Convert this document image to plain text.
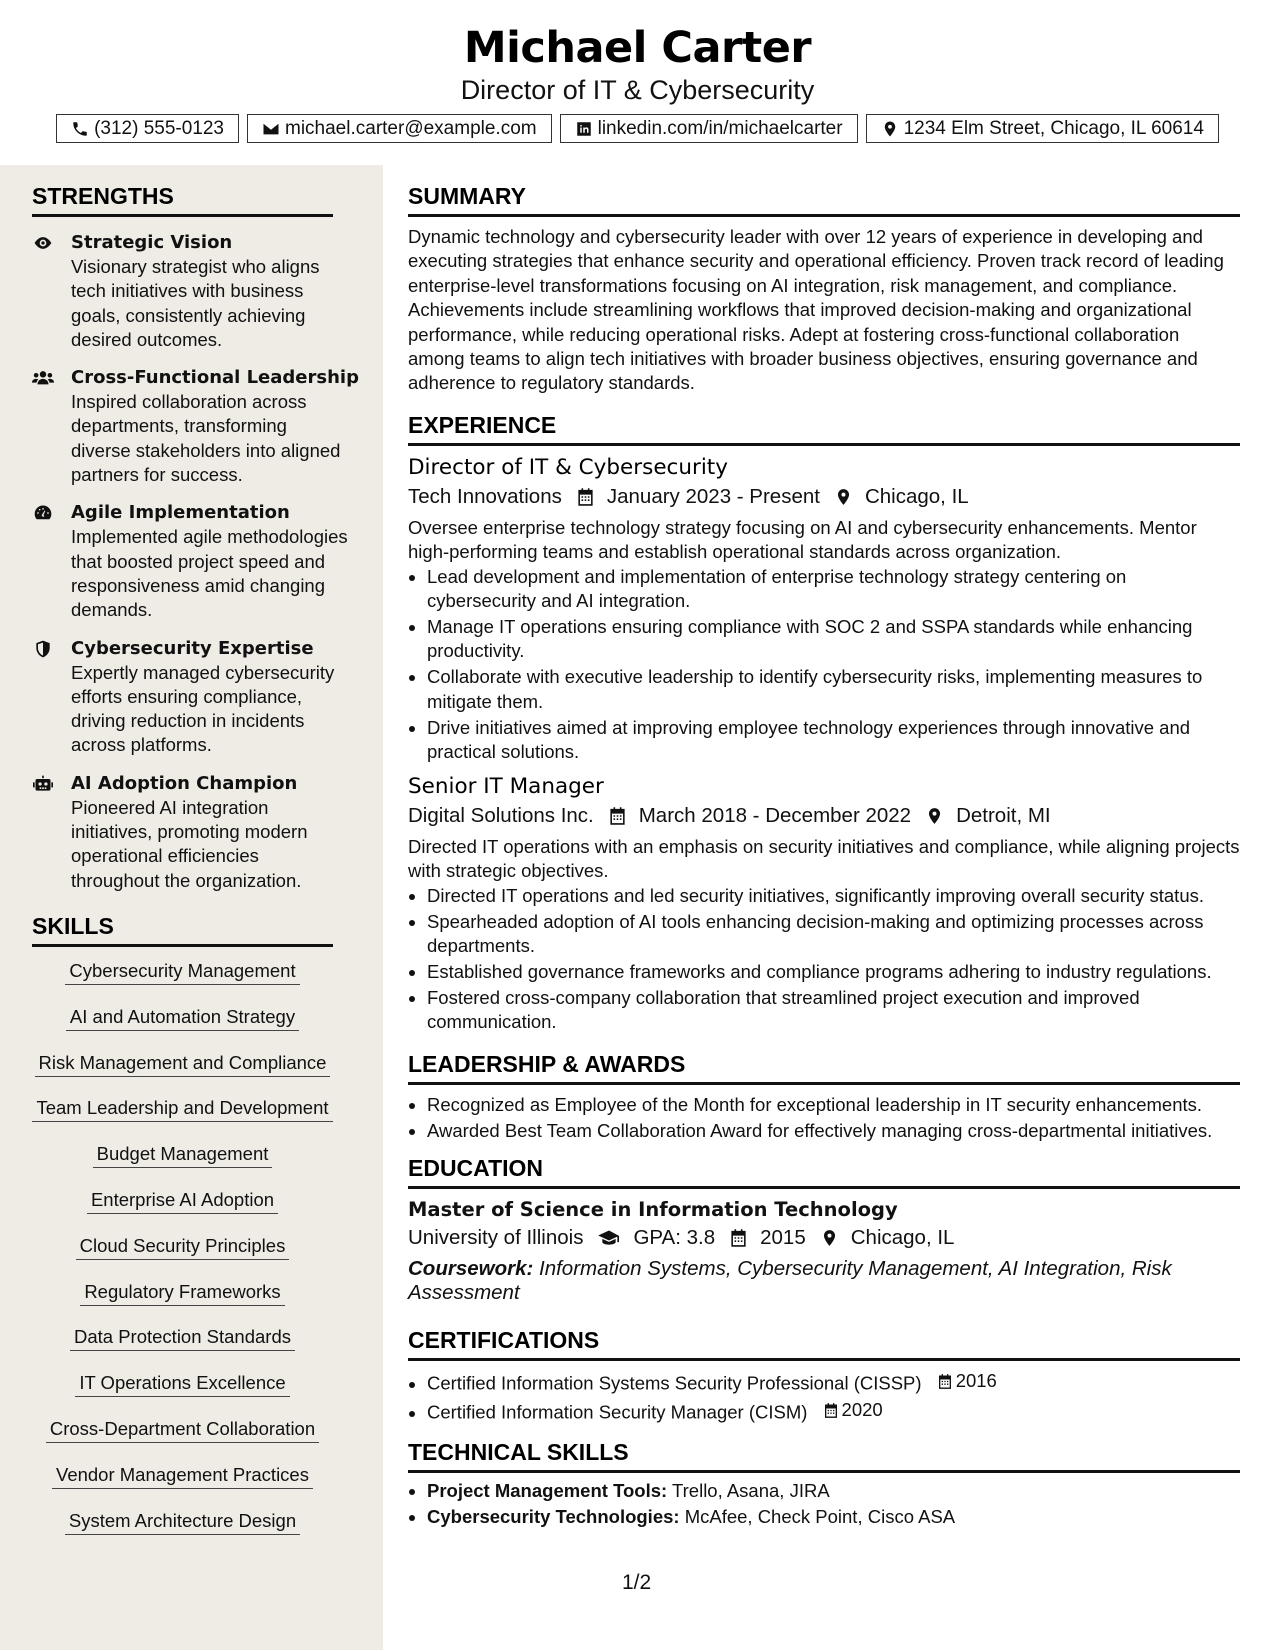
Michael Carter
Director of IT & Cybersecurity
(312) 555-0123	michael.carter@example.com	linkedin.com/in/michaelcarter	1234 Elm Street, Chicago, IL 60614
STRENGTHS
Strategic Vision
Visionary strategist who aligns tech initiatives with business goals, consistently achieving desired outcomes.
Cross-Functional Leadership
Inspired collaboration across departments, transforming diverse stakeholders into aligned partners for success.
Agile Implementation
Implemented agile methodologies that boosted project speed and responsiveness amid changing demands.
Cybersecurity Expertise
Expertly managed cybersecurity efforts ensuring compliance, driving reduction in incidents across platforms.
AI Adoption Champion
Pioneered AI integration initiatives, promoting modern operational efficiencies throughout the organization.
SKILLS
Cybersecurity Management
AI and Automation Strategy
Risk Management and Compliance
Team Leadership and Development
Budget Management
Enterprise AI Adoption
Cloud Security Principles
Regulatory Frameworks
Data Protection Standards
IT Operations Excellence
Cross-Department Collaboration
Vendor Management Practices
System Architecture Design
SUMMARY
Dynamic technology and cybersecurity leader with over 12 years of experience in developing and executing strategies that enhance security and operational efficiency. Proven track record of leading enterprise-level transformations focusing on AI integration, risk management, and compliance. Achievements include streamlining workflows that improved decision-making and organizational performance, while reducing operational risks. Adept at fostering cross-functional collaboration among teams to align tech initiatives with broader business objectives, ensuring governance and adherence to regulatory standards.
EXPERIENCE
Director of IT & Cybersecurity
Tech Innovations January 2023 - Present Chicago, IL
Oversee enterprise technology strategy focusing on AI and cybersecurity enhancements. Mentor high-performing teams and establish operational standards across organization.
• Lead development and implementation of enterprise technology strategy centering on cybersecurity and AI integration.
• Manage IT operations ensuring compliance with SOC 2 and SSPA standards while enhancing productivity.
• Collaborate with executive leadership to identify cybersecurity risks, implementing measures to mitigate them.
• Drive initiatives aimed at improving employee technology experiences through innovative and practical solutions.
Senior IT Manager
Digital Solutions Inc. March 2018 - December 2022 Detroit, MI
Directed IT operations with an emphasis on security initiatives and compliance, while aligning projects with strategic objectives.
• Directed IT operations and led security initiatives, significantly improving overall security status.
• Spearheaded adoption of AI tools enhancing decision-making and optimizing processes across departments.
• Established governance frameworks and compliance programs adhering to industry regulations.
• Fostered cross-company collaboration that streamlined project execution and improved communication.
LEADERSHIP & AWARDS
• Recognized as Employee of the Month for exceptional leadership in IT security enhancements.
• Awarded Best Team Collaboration Award for effectively managing cross-departmental initiatives.
EDUCATION
Master of Science in Information Technology
University of Illinois GPA: 3.8 2015 Chicago, IL
Coursework: Information Systems, Cybersecurity Management, AI Integration, Risk Assessment
CERTIFICATIONS
• Certified Information Systems Security Professional (CISSP) 2016
• Certified Information Security Manager (CISM) 2020
TECHNICAL SKILLS
• Project Management Tools: Trello, Asana, JIRA
• Cybersecurity Technologies: McAfee, Check Point, Cisco ASA
1/2
